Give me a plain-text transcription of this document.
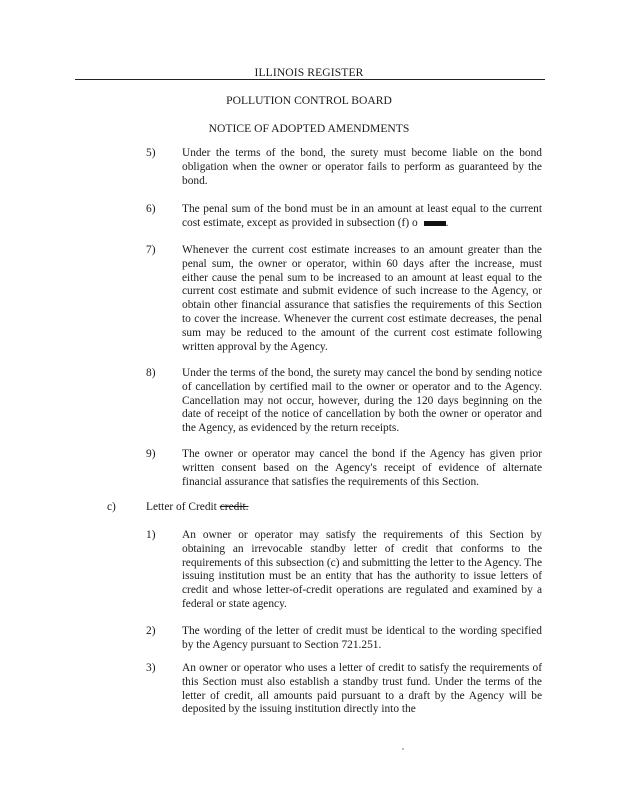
ILLINOIS REGISTER
POLLUTION CONTROL BOARD
NOTICE OF ADOPTED AMENDMENTS
5)	Under the terms of the bond, the surety must become liable on the bond obligation when the owner or operator fails to perform as guaranteed by the bond.
6)	The penal sum of the bond must be in an amount at least equal to the current cost estimate, except as provided in subsection (f) o .
7)	Whenever the current cost estimate increases to an amount greater than the penal sum, the owner or operator, within 60 days after the increase, must either cause the penal sum to be increased to an amount at least equal to the current cost estimate and submit evidence of such increase to the Agency, or obtain other financial assurance that satisfies the requirements of this Section to cover the increase. Whenever the current cost estimate decreases, the penal sum may be reduced to the amount of the current cost estimate following written approval by the Agency.
8)	Under the terms of the bond, the surety may cancel the bond by sending notice of cancellation by certified mail to the owner or operator and to the Agency. Cancellation may not occur, however, during the 120 days beginning on the date of receipt of the notice of cancellation by both the owner or operator and the Agency, as evidenced by the return receipts.
9)	The owner or operator may cancel the bond if the Agency has given prior written consent based on the Agency's receipt of evidence of alternate financial assurance that satisfies the requirements of this Section.
c)	Letter of Credit credit.
1)	An owner or operator may satisfy the requirements of this Section by obtaining an irrevocable standby letter of credit that conforms to the requirements of this subsection (c) and submitting the letter to the Agency. The issuing institution must be an entity that has the authority to issue letters of credit and whose letter-of-credit operations are regulated and examined by a federal or state agency.
2)	The wording of the letter of credit must be identical to the wording specified by the Agency pursuant to Section 721.251.
3)	An owner or operator who uses a letter of credit to satisfy the requirements of this Section must also establish a standby trust fund. Under the terms of the letter of credit, all amounts paid pursuant to a draft by the Agency will be deposited by the issuing institution directly into the
